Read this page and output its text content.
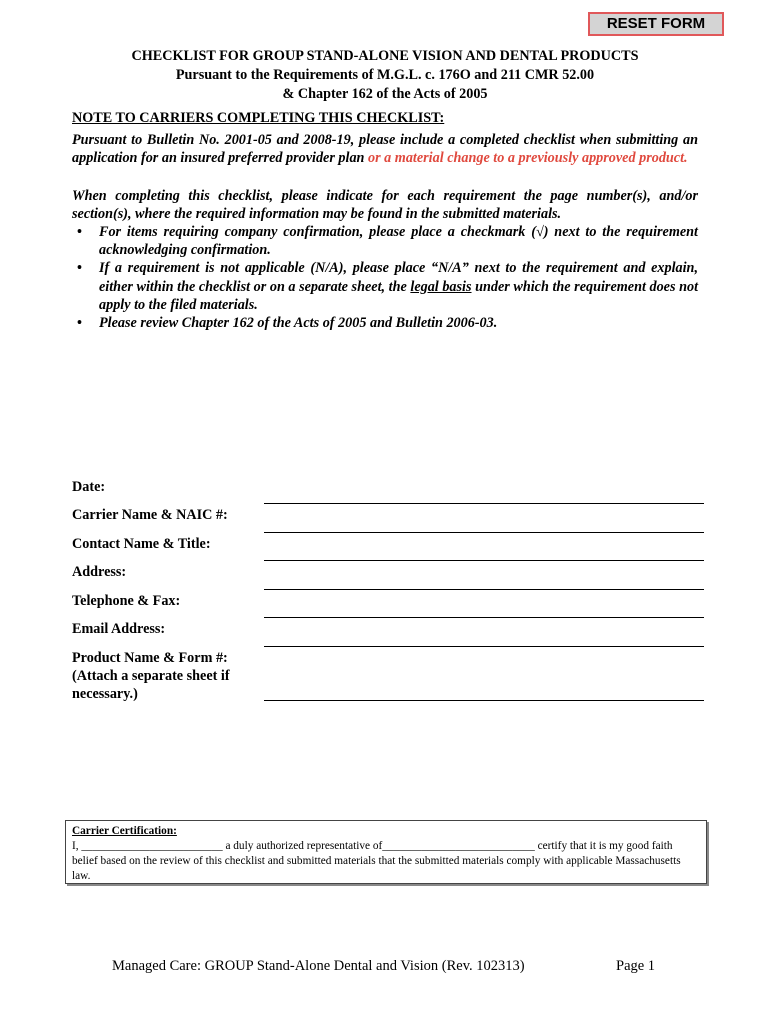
RESET FORM
CHECKLIST FOR GROUP STAND-ALONE VISION AND DENTAL PRODUCTS
Pursuant to the Requirements of M.G.L. c. 176O and 211 CMR 52.00
& Chapter 162 of the Acts of 2005
NOTE TO CARRIERS COMPLETING THIS CHECKLIST:
Pursuant to Bulletin No. 2001-05 and 2008-19, please include a completed checklist when submitting an application for an insured preferred provider plan or a material change to a previously approved product.
When completing this checklist, please indicate for each requirement the page number(s), and/or section(s), where the required information may be found in the submitted materials.
• For items requiring company confirmation, please place a checkmark (√) next to the requirement acknowledging confirmation.
• If a requirement is not applicable (N/A), please place “N/A” next to the requirement and explain, either within the checklist or on a separate sheet, the legal basis under which the requirement does not apply to the filed materials.
• Please review Chapter 162 of the Acts of 2005 and Bulletin 2006-03.
Date:
Carrier Name & NAIC #:
Contact Name & Title:
Address:
Telephone & Fax:
Email Address:
Product Name & Form #:
(Attach a separate sheet if
necessary.)
Carrier Certification:
I, _________________________ a duly authorized representative of___________________________ certify that it is my good faith belief based on the review of this checklist and submitted materials that the submitted materials comply with applicable Massachusetts law.
Managed Care: GROUP Stand-Alone Dental and Vision (Rev. 102313)	Page 1
